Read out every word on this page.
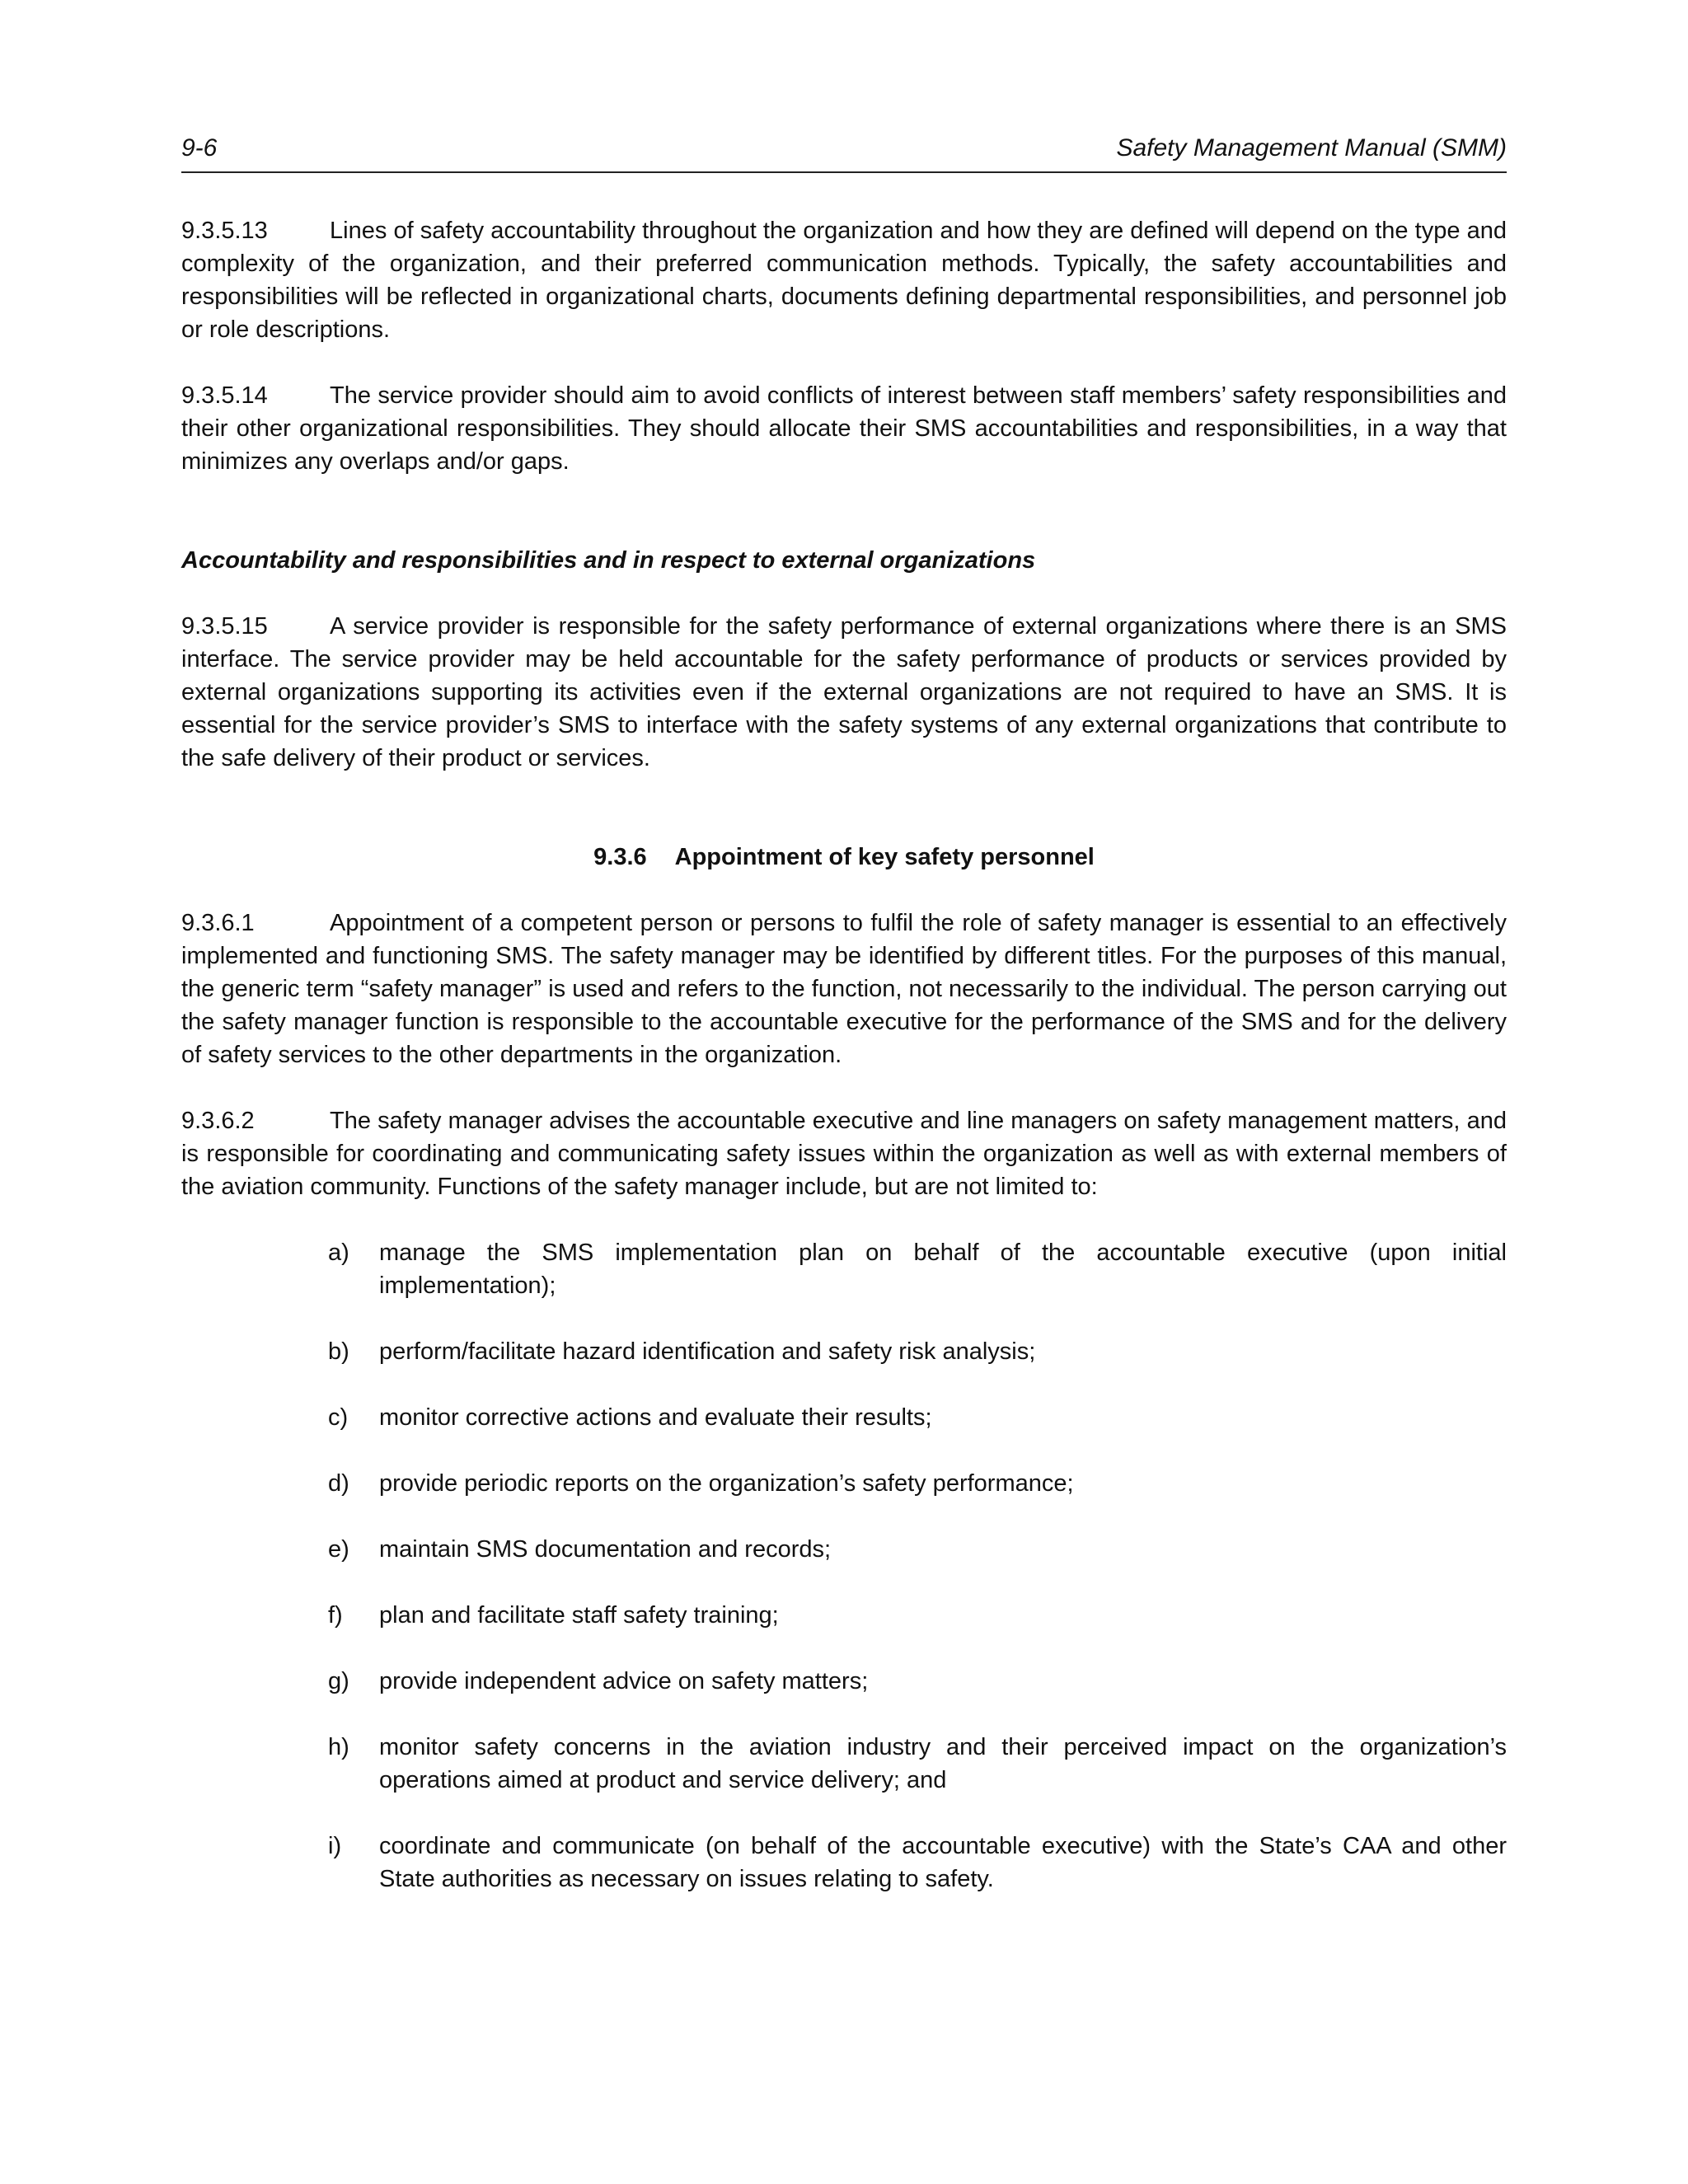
9-6	Safety Management Manual (SMM)

9.3.5.13	Lines of safety accountability throughout the organization and how they are defined will depend on the type and complexity of the organization, and their preferred communication methods. Typically, the safety accountabilities and responsibilities will be reflected in organizational charts, documents defining departmental responsibilities, and personnel job or role descriptions.

9.3.5.14	The service provider should aim to avoid conflicts of interest between staff members’ safety responsibilities and their other organizational responsibilities. They should allocate their SMS accountabilities and responsibilities, in a way that minimizes any overlaps and/or gaps.

Accountability and responsibilities and in respect to external organizations

9.3.5.15	A service provider is responsible for the safety performance of external organizations where there is an SMS interface. The service provider may be held accountable for the safety performance of products or services provided by external organizations supporting its activities even if the external organizations are not required to have an SMS. It is essential for the service provider’s SMS to interface with the safety systems of any external organizations that contribute to the safe delivery of their product or services.

9.3.6 Appointment of key safety personnel

9.3.6.1	Appointment of a competent person or persons to fulfil the role of safety manager is essential to an effectively implemented and functioning SMS. The safety manager may be identified by different titles. For the purposes of this manual, the generic term “safety manager” is used and refers to the function, not necessarily to the individual. The person carrying out the safety manager function is responsible to the accountable executive for the performance of the SMS and for the delivery of safety services to the other departments in the organization.

9.3.6.2	The safety manager advises the accountable executive and line managers on safety management matters, and is responsible for coordinating and communicating safety issues within the organization as well as with external members of the aviation community. Functions of the safety manager include, but are not limited to:

a)	manage the SMS implementation plan on behalf of the accountable executive (upon initial implementation);
b)	perform/facilitate hazard identification and safety risk analysis;
c)	monitor corrective actions and evaluate their results;
d)	provide periodic reports on the organization’s safety performance;
e)	maintain SMS documentation and records;
f)	plan and facilitate staff safety training;
g)	provide independent advice on safety matters;
h)	monitor safety concerns in the aviation industry and their perceived impact on the organization’s operations aimed at product and service delivery; and
i)	coordinate and communicate (on behalf of the accountable executive) with the State’s CAA and other State authorities as necessary on issues relating to safety.
